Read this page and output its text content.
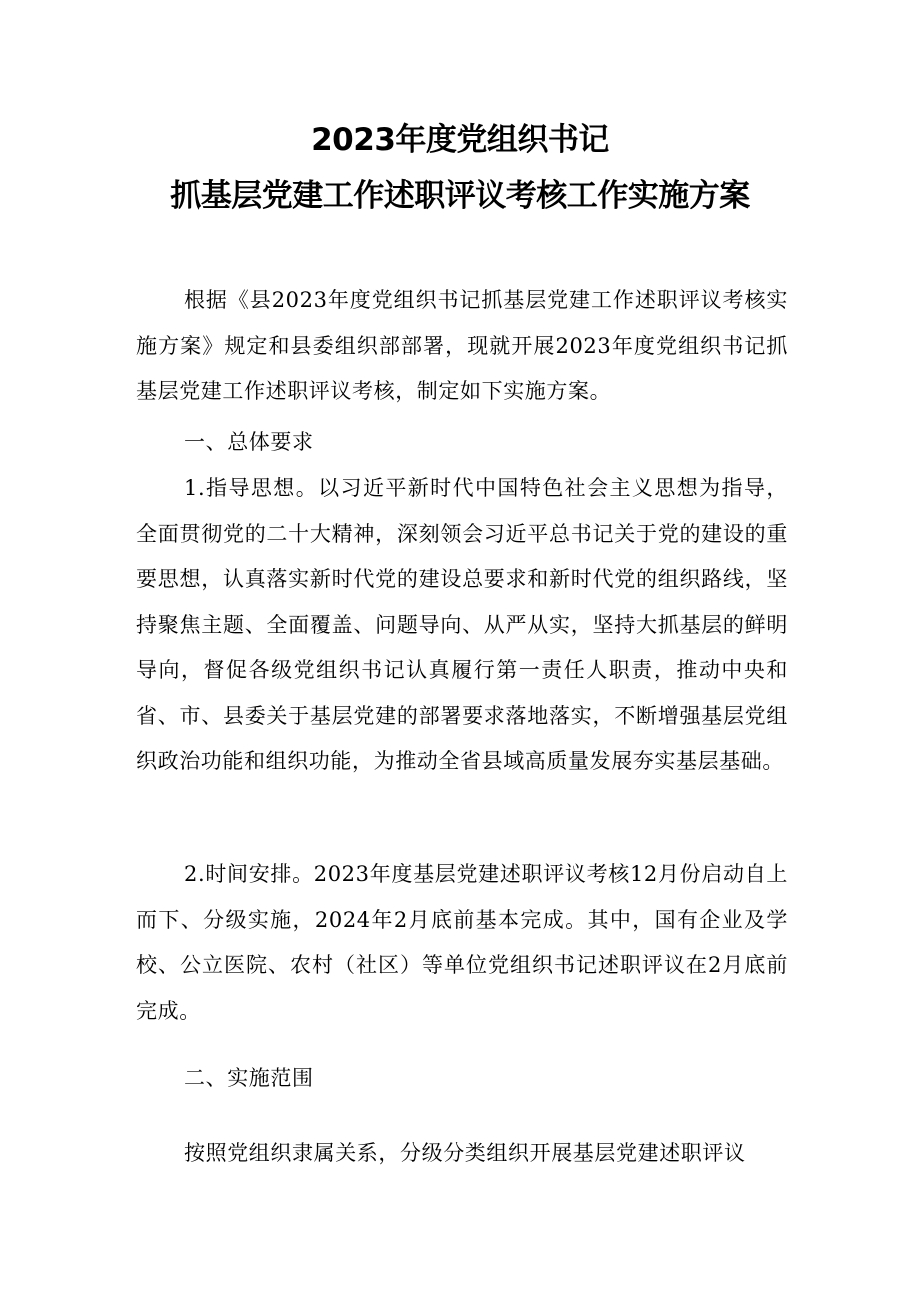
2023年度党组织书记
抓基层党建工作述职评议考核工作实施方案

根据《县2023年度党组织书记抓基层党建工作述职评议考核实施方案》规定和县委组织部部署，现就开展2023年度党组织书记抓基层党建工作述职评议考核，制定如下实施方案。

一、总体要求

1.指导思想。以习近平新时代中国特色社会主义思想为指导，全面贯彻党的二十大精神，深刻领会习近平总书记关于党的建设的重要思想，认真落实新时代党的建设总要求和新时代党的组织路线，坚持聚焦主题、全面覆盖、问题导向、从严从实，坚持大抓基层的鲜明导向，督促各级党组织书记认真履行第一责任人职责，推动中央和省、市、县委关于基层党建的部署要求落地落实，不断增强基层党组织政治功能和组织功能，为推动全省县域高质量发展夯实基层基础。

2.时间安排。2023年度基层党建述职评议考核12月份启动自上而下、分级实施，2024年2月底前基本完成。其中，国有企业及学校、公立医院、农村（社区）等单位党组织书记述职评议在2月底前完成。

二、实施范围

按照党组织隶属关系，分级分类组织开展基层党建述职评议
